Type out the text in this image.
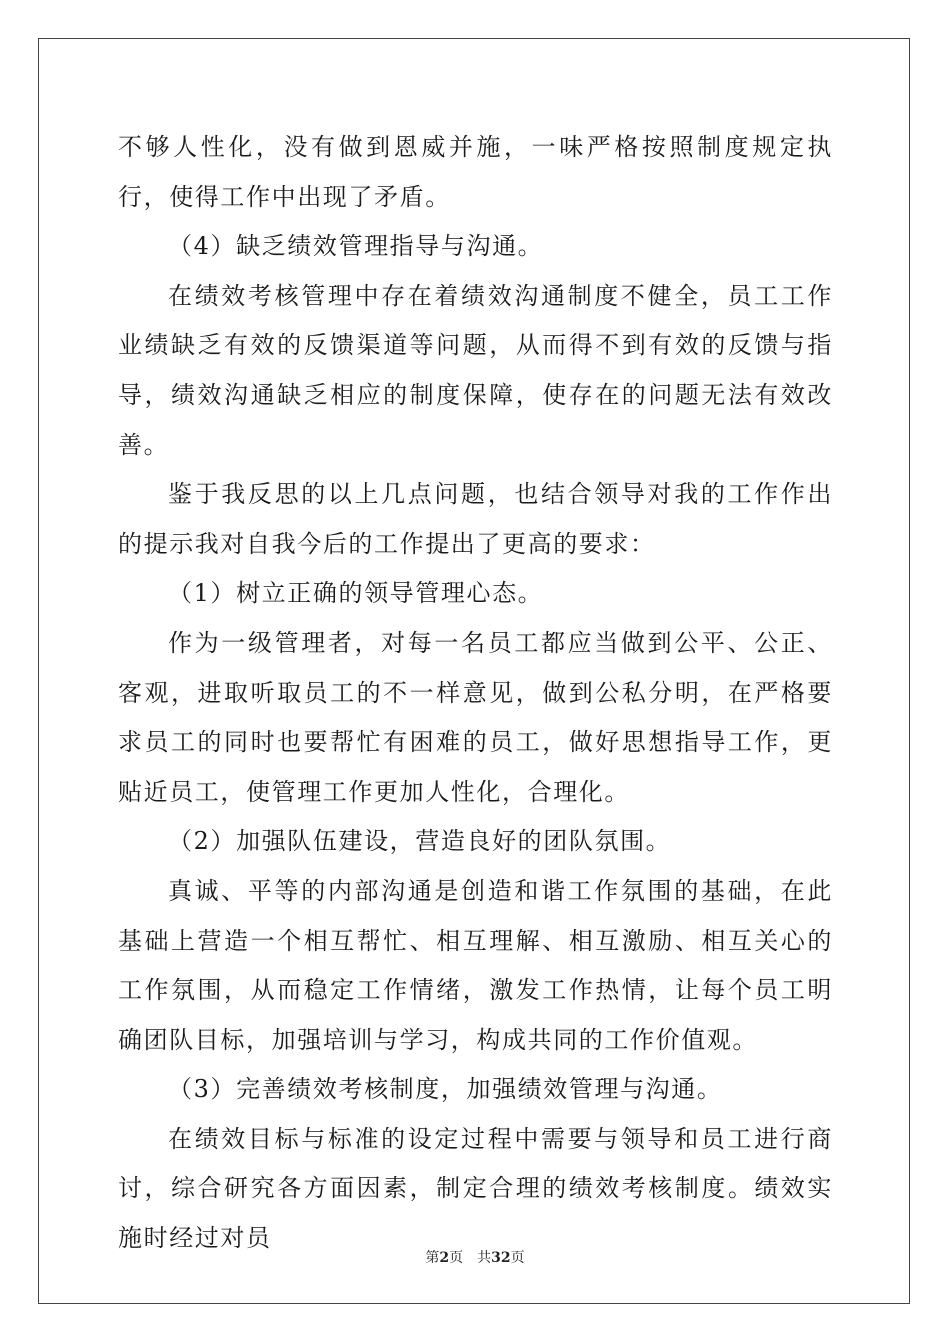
不够人性化，没有做到恩威并施，一味严格按照制度规定执行，使得工作中出现了矛盾。

（4）缺乏绩效管理指导与沟通。

在绩效考核管理中存在着绩效沟通制度不健全，员工工作业绩缺乏有效的反馈渠道等问题，从而得不到有效的反馈与指导，绩效沟通缺乏相应的制度保障，使存在的问题无法有效改善。

鉴于我反思的以上几点问题，也结合领导对我的工作作出的提示我对自我今后的工作提出了更高的要求：

（1）树立正确的领导管理心态。

作为一级管理者，对每一名员工都应当做到公平、公正、客观，进取听取员工的不一样意见，做到公私分明，在严格要求员工的同时也要帮忙有困难的员工，做好思想指导工作，更贴近员工，使管理工作更加人性化，合理化。

（2）加强队伍建设，营造良好的团队氛围。

真诚、平等的内部沟通是创造和谐工作氛围的基础，在此基础上营造一个相互帮忙、相互理解、相互激励、相互关心的工作氛围，从而稳定工作情绪，激发工作热情，让每个员工明确团队目标，加强培训与学习，构成共同的工作价值观。

（3）完善绩效考核制度，加强绩效管理与沟通。

在绩效目标与标准的设定过程中需要与领导和员工进行商讨，综合研究各方面因素，制定合理的绩效考核制度。绩效实施时经过对员

第2页 共32页
